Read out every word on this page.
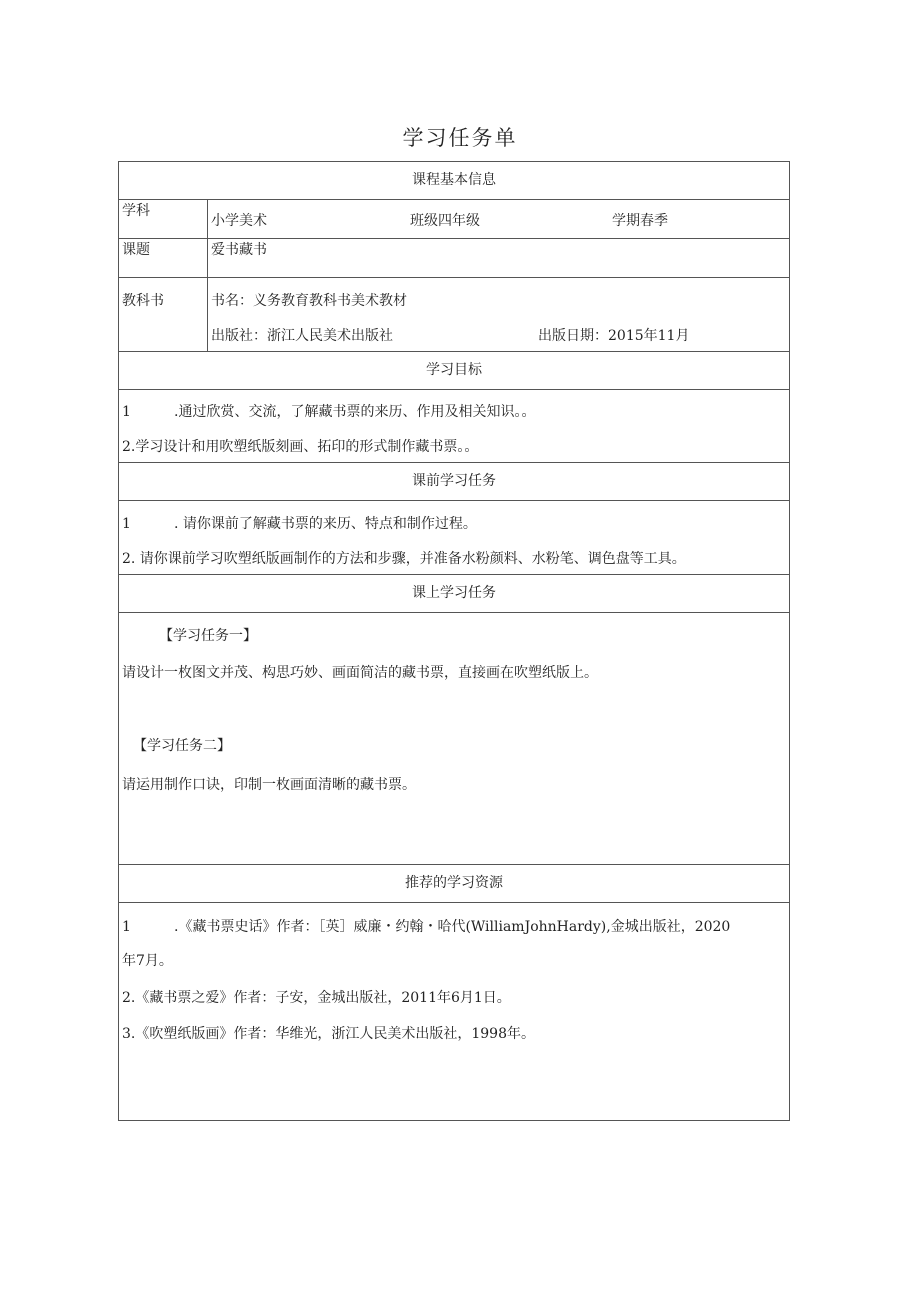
学习任务单
课程基本信息	
学科	小学美术 班级四年级 学期春季

课题	爱书藏书
教科书	书名：义务教育教科书美术教材
出版社：浙江人民美术出版社 出版日期：2015年11月

学习目标	

1 .通过欣赏、交流，了解藏书票的来历、作用及相关知识。。
2.学习设计和用吹塑纸版刻画、拓印的形式制作藏书票。。	

课前学习任务	

1 . 请你课前了解藏书票的来历、特点和制作过程。
2. 请你课前学习吹塑纸版画制作的方法和步骤，并准备水粉颜料、水粉笔、调色盘等工具。	

课上学习任务	

【学习任务一】
请设计一枚图文并茂、构思巧妙、画面简洁的藏书票，直接画在吹塑纸版上。
【学习任务二】
请运用制作口诀，印制一枚画面清晰的藏书票。	

推荐的学习资源	

1 .《藏书票史话》作者：［英］威廉・约翰・哈代(WilliamJohnHardy),金城出版社，2020
年7月。
2.《藏书票之爱》作者：子安，金城出版社，2011年6月1日。
3.《吹塑纸版画》作者：华维光，浙江人民美术出版社，1998年。	
